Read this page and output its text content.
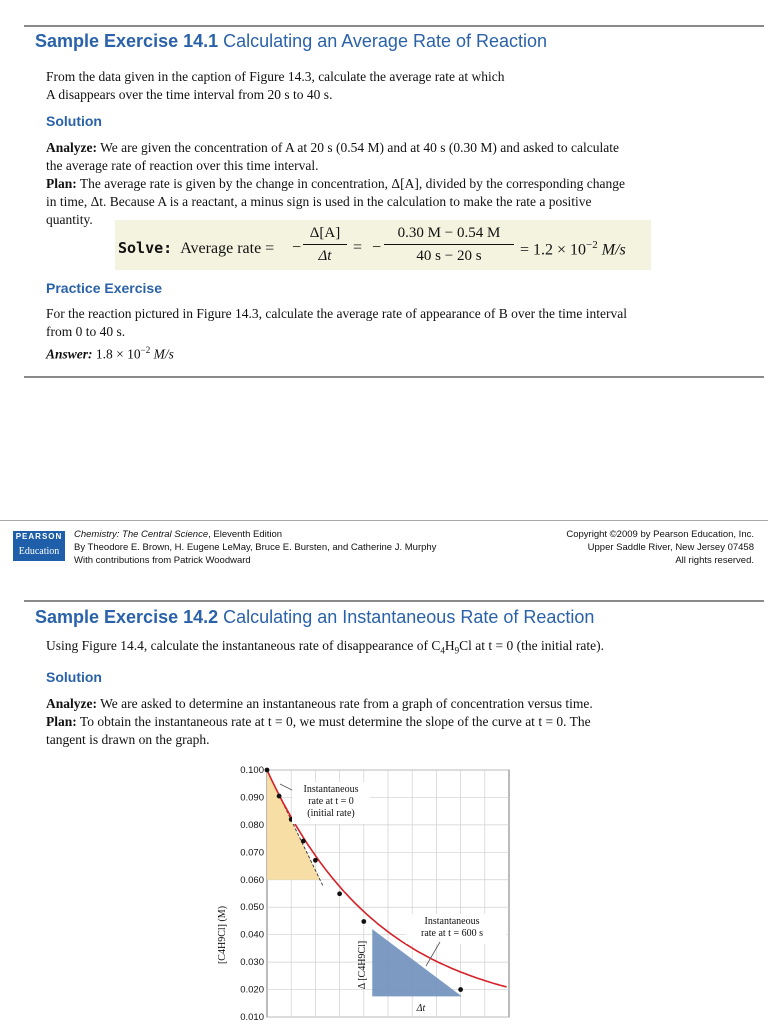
Sample Exercise 14.1 Calculating an Average Rate of Reaction
From the data given in the caption of Figure 14.3, calculate the average rate at which
A disappears over the time interval from 20 s to 40 s.
Solution
Analyze: We are given the concentration of A at 20 s (0.54 M) and at 40 s (0.30 M) and asked to calculate
the average rate of reaction over this time interval.
Plan: The average rate is given by the change in concentration, Δ[A], divided by the corresponding change
in time, Δt. Because A is a reactant, a minus sign is used in the calculation to make the rate a positive
quantity.
Solve: Average rate = − $\frac{\Delta[A]}{\Delta t}$ = − $\frac{0.30 M - 0.54 M}{40 s - 20 s} = 1.2 \times 10^{-2}$ M/s
Practice Exercise
For the reaction pictured in Figure 14.3, calculate the average rate of appearance of B over the time interval
from 0 to 40 s.
Answer: $1.8 \times 10^{-2}$ M/s
PEARSON
Education
Chemistry: The Central Science, Eleventh Edition
By Theodore E. Brown, H. Eugene LeMay, Bruce E. Bursten, and Catherine J. Murphy
With contributions from Patrick Woodward
Copyright ©2009 by Pearson Education, Inc.
Upper Saddle River, New Jersey 07458
All rights reserved.
Sample Exercise 14.2 Calculating an Instantaneous Rate of Reaction
Using Figure 14.4, calculate the instantaneous rate of disappearance of $C_4H_9Cl$ at t = 0 (the initial rate).
Solution
Analyze: We are asked to determine an instantaneous rate from a graph of concentration versus time.
Plan: To obtain the instantaneous rate at t = 0, we must determine the slope of the curve at t = 0. The
tangent is drawn on the graph.
0.100
0.090
0.080
0.070
0.060
0.050
0.040
0.030
0.020
0.010
[C4H9Cl] (M)
Instantaneous
rate at t = 0
(initial rate)
Instantaneous
rate at t = 600 s
Δ [C4H9Cl]
Δt
